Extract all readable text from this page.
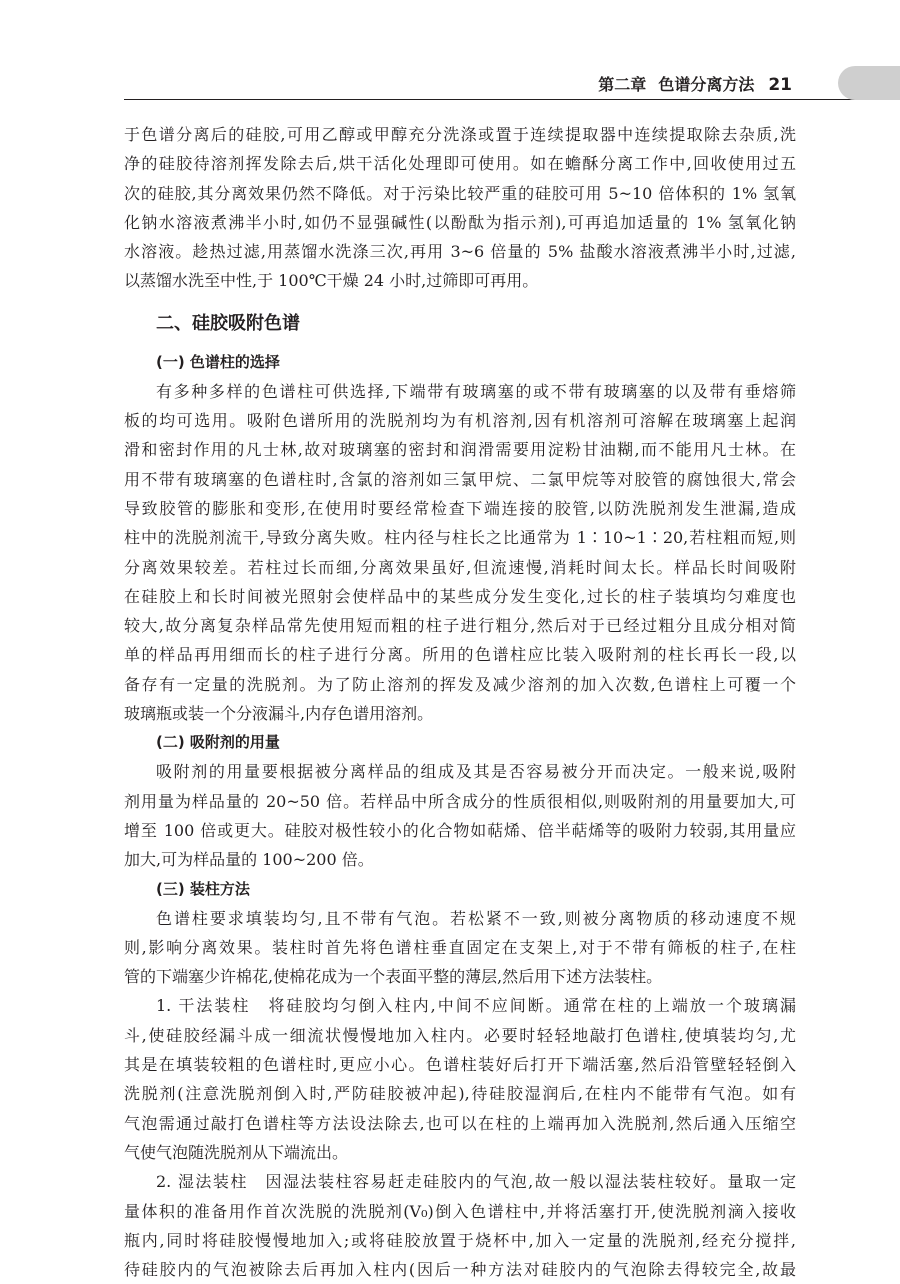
第二章 色谱分离方法 21
于色谱分离后的硅胶,可用乙醇或甲醇充分洗涤或置于连续提取器中连续提取除去杂质,洗
净的硅胶待溶剂挥发除去后,烘干活化处理即可使用。如在蟾酥分离工作中,回收使用过五
次的硅胶,其分离效果仍然不降低。对于污染比较严重的硅胶可用 5~10 倍体积的 1% 氢氧
化钠水溶液煮沸半小时,如仍不显强碱性(以酚酞为指示剂),可再追加适量的 1% 氢氧化钠
水溶液。趁热过滤,用蒸馏水洗涤三次,再用 3~6 倍量的 5% 盐酸水溶液煮沸半小时,过滤,
以蒸馏水洗至中性,于 100℃干燥 24 小时,过筛即可再用。
二、硅胶吸附色谱
(一) 色谱柱的选择
有多种多样的色谱柱可供选择,下端带有玻璃塞的或不带有玻璃塞的以及带有垂熔筛
板的均可选用。吸附色谱所用的洗脱剂均为有机溶剂,因有机溶剂可溶解在玻璃塞上起润
滑和密封作用的凡士林,故对玻璃塞的密封和润滑需要用淀粉甘油糊,而不能用凡士林。在
用不带有玻璃塞的色谱柱时,含氯的溶剂如三氯甲烷、二氯甲烷等对胶管的腐蚀很大,常会
导致胶管的膨胀和变形,在使用时要经常检查下端连接的胶管,以防洗脱剂发生泄漏,造成
柱中的洗脱剂流干,导致分离失败。柱内径与柱长之比通常为 1∶10~1∶20,若柱粗而短,则
分离效果较差。若柱过长而细,分离效果虽好,但流速慢,消耗时间太长。样品长时间吸附
在硅胶上和长时间被光照射会使样品中的某些成分发生变化,过长的柱子装填均匀难度也
较大,故分离复杂样品常先使用短而粗的柱子进行粗分,然后对于已经过粗分且成分相对简
单的样品再用细而长的柱子进行分离。所用的色谱柱应比装入吸附剂的柱长再长一段,以
备存有一定量的洗脱剂。为了防止溶剂的挥发及减少溶剂的加入次数,色谱柱上可覆一个
玻璃瓶或装一个分液漏斗,内存色谱用溶剂。
(二) 吸附剂的用量
吸附剂的用量要根据被分离样品的组成及其是否容易被分开而决定。一般来说,吸附
剂用量为样品量的 20~50 倍。若样品中所含成分的性质很相似,则吸附剂的用量要加大,可
增至 100 倍或更大。硅胶对极性较小的化合物如萜烯、倍半萜烯等的吸附力较弱,其用量应
加大,可为样品量的 100~200 倍。
(三) 装柱方法
色谱柱要求填装均匀,且不带有气泡。若松紧不一致,则被分离物质的移动速度不规
则,影响分离效果。装柱时首先将色谱柱垂直固定在支架上,对于不带有筛板的柱子,在柱
管的下端塞少许棉花,使棉花成为一个表面平整的薄层,然后用下述方法装柱。
1. 干法装柱　将硅胶均匀倒入柱内,中间不应间断。通常在柱的上端放一个玻璃漏
斗,使硅胶经漏斗成一细流状慢慢地加入柱内。必要时轻轻地敲打色谱柱,使填装均匀,尤
其是在填装较粗的色谱柱时,更应小心。色谱柱装好后打开下端活塞,然后沿管壁轻轻倒入
洗脱剂(注意洗脱剂倒入时,严防硅胶被冲起),待硅胶湿润后,在柱内不能带有气泡。如有
气泡需通过敲打色谱柱等方法设法除去,也可以在柱的上端再加入洗脱剂,然后通入压缩空
气使气泡随洗脱剂从下端流出。
2. 湿法装柱　因湿法装柱容易赶走硅胶内的气泡,故一般以湿法装柱较好。量取一定
量体积的准备用作首次洗脱的洗脱剂(V₀)倒入色谱柱中,并将活塞打开,使洗脱剂滴入接收
瓶内,同时将硅胶慢慢地加入;或将硅胶放置于烧杯中,加入一定量的洗脱剂,经充分搅拌,
待硅胶内的气泡被除去后再加入柱内(因后一种方法对硅胶内的气泡除去得较完全,故最
